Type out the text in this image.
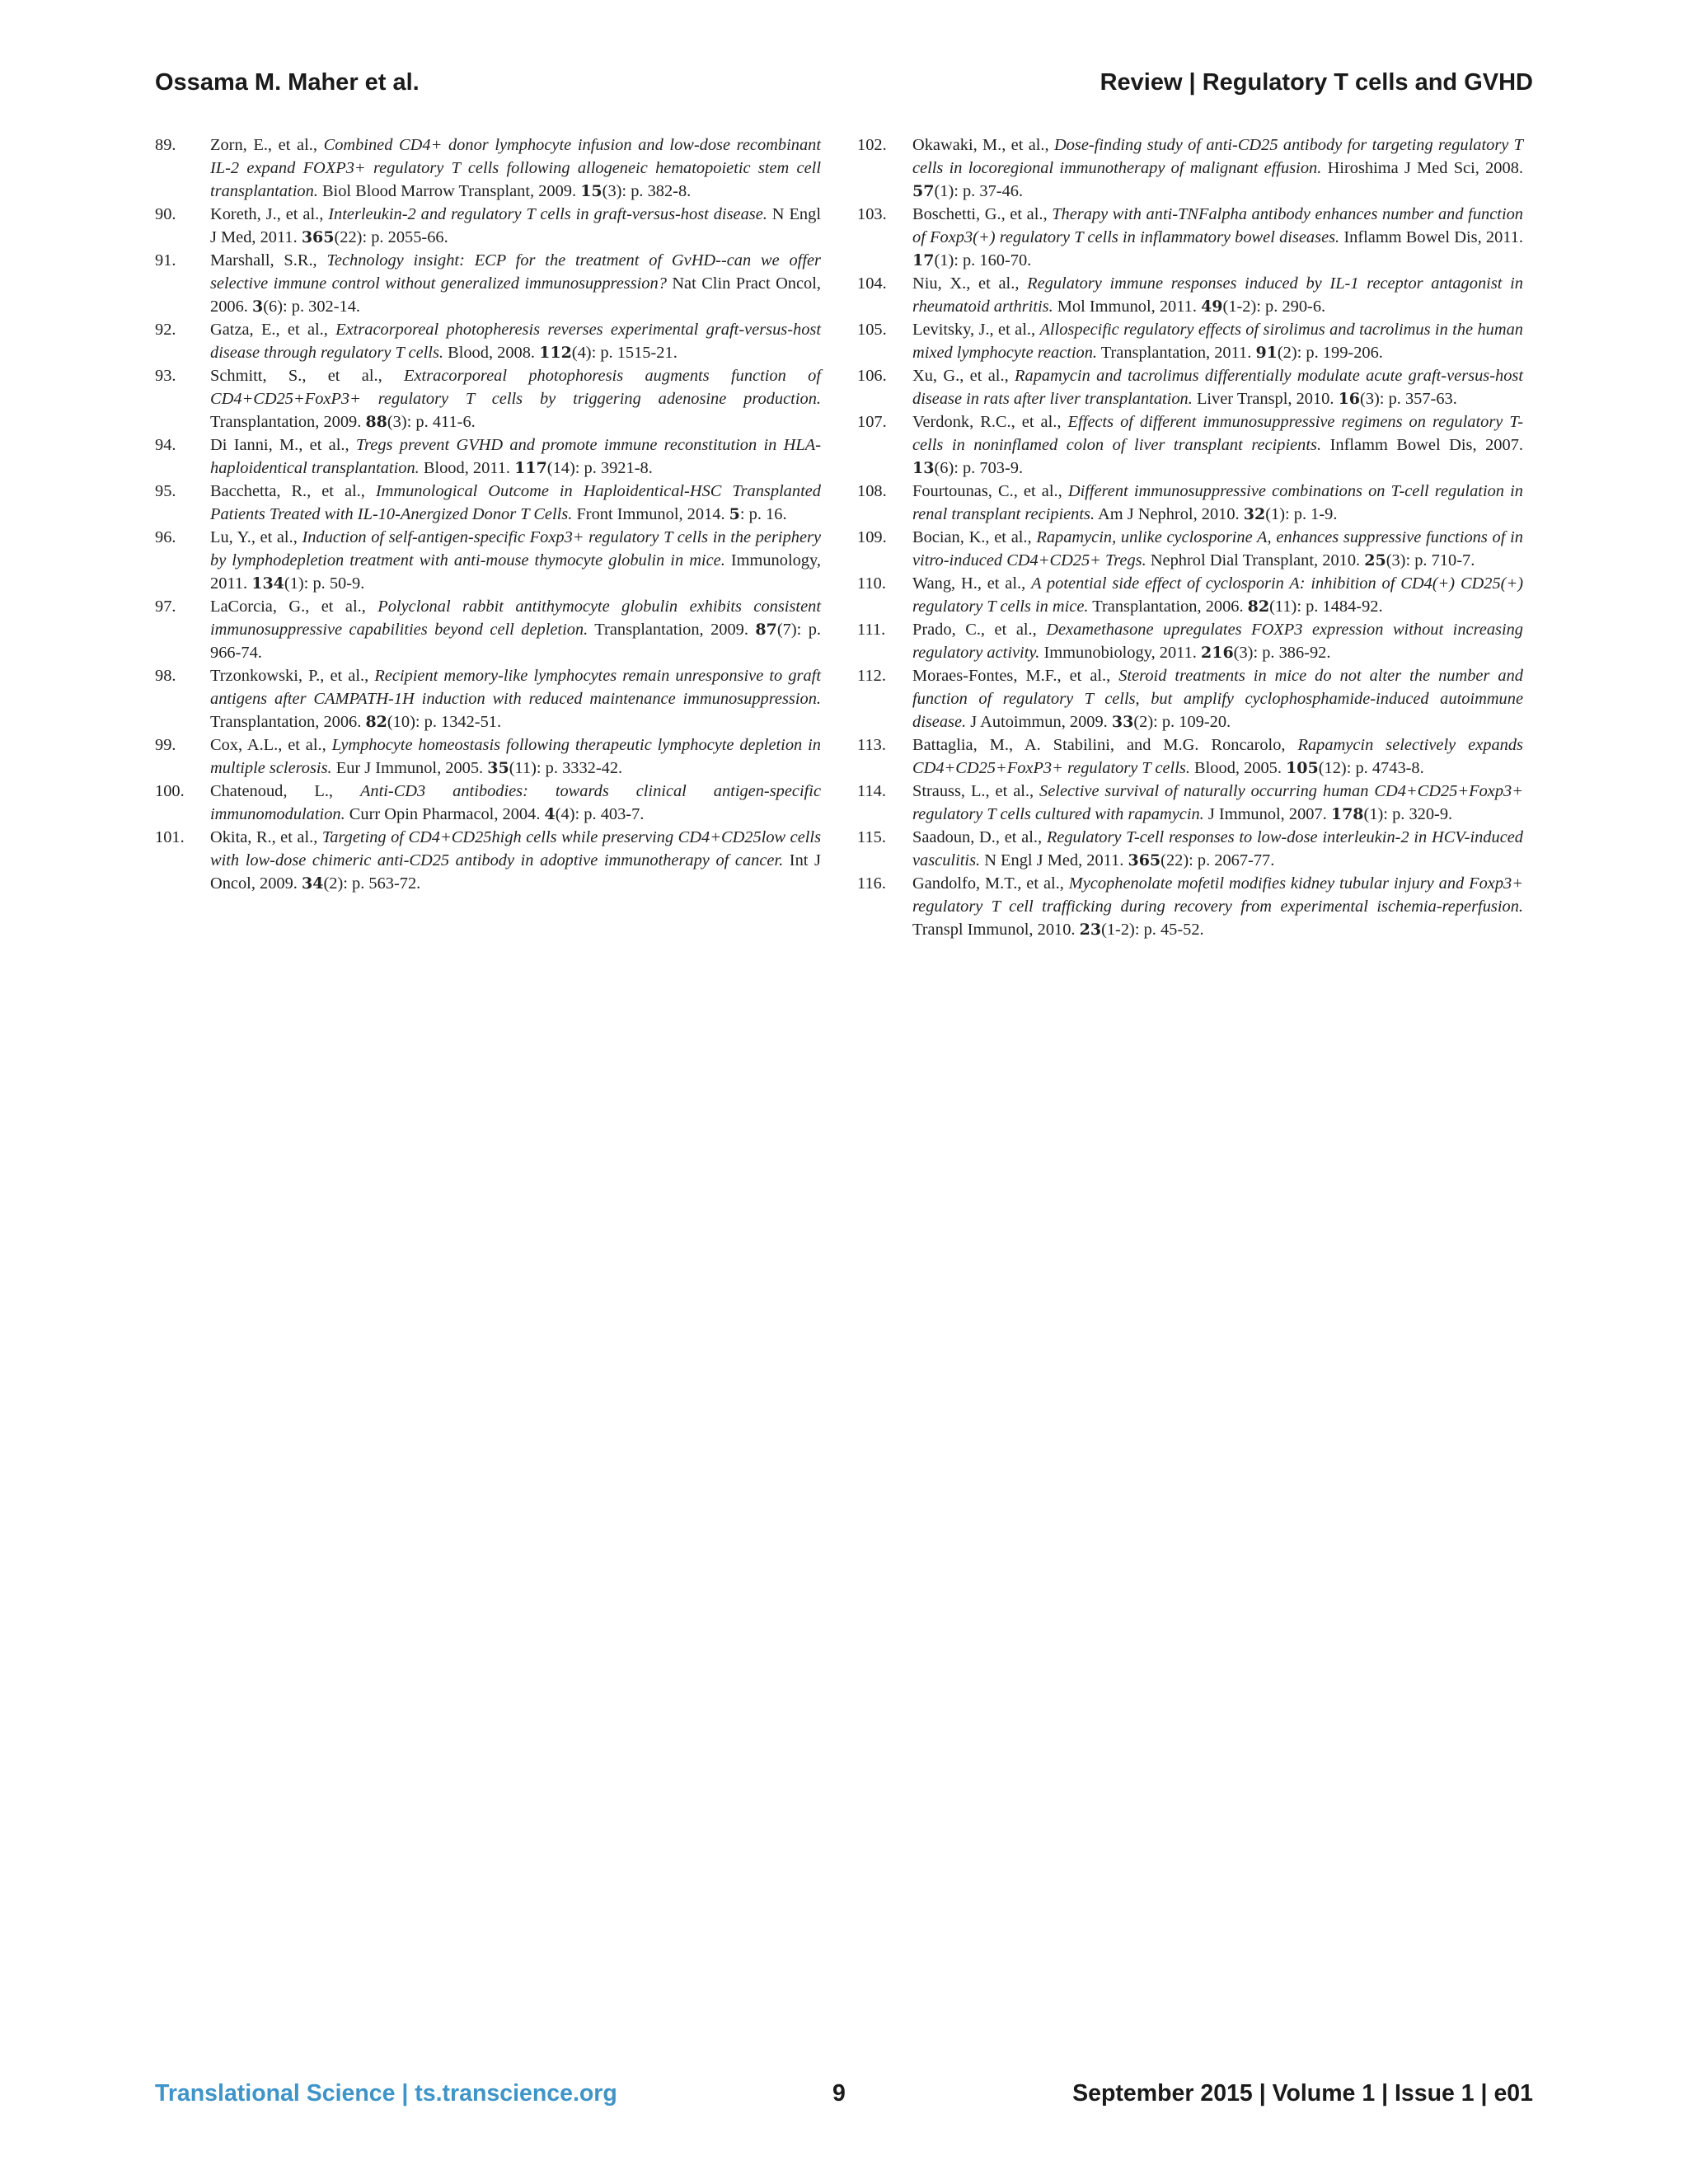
Ossama M. Maher et al.	Review | Regulatory T cells and GVHD
89. Zorn, E., et al., Combined CD4+ donor lymphocyte infusion and low-dose recombinant IL-2 expand FOXP3+ regulatory T cells following allogeneic hematopoietic stem cell transplantation. Biol Blood Marrow Transplant, 2009. 15(3): p. 382-8.
90. Koreth, J., et al., Interleukin-2 and regulatory T cells in graft-versus-host disease. N Engl J Med, 2011. 365(22): p. 2055-66.
91. Marshall, S.R., Technology insight: ECP for the treatment of GvHD--can we offer selective immune control without generalized immunosuppression? Nat Clin Pract Oncol, 2006. 3(6): p. 302-14.
92. Gatza, E., et al., Extracorporeal photopheresis reverses experimental graft-versus-host disease through regulatory T cells. Blood, 2008. 112(4): p. 1515-21.
93. Schmitt, S., et al., Extracorporeal photophoresis augments function of CD4+CD25+FoxP3+ regulatory T cells by triggering adenosine production. Transplantation, 2009. 88(3): p. 411-6.
94. Di Ianni, M., et al., Tregs prevent GVHD and promote immune reconstitution in HLA-haploidentical transplantation. Blood, 2011. 117(14): p. 3921-8.
95. Bacchetta, R., et al., Immunological Outcome in Haploidentical-HSC Transplanted Patients Treated with IL-10-Anergized Donor T Cells. Front Immunol, 2014. 5: p. 16.
96. Lu, Y., et al., Induction of self-antigen-specific Foxp3+ regulatory T cells in the periphery by lymphodepletion treatment with anti-mouse thymocyte globulin in mice. Immunology, 2011. 134(1): p. 50-9.
97. LaCorcia, G., et al., Polyclonal rabbit antithymocyte globulin exhibits consistent immunosuppressive capabilities beyond cell depletion. Transplantation, 2009. 87(7): p. 966-74.
98. Trzonkowski, P., et al., Recipient memory-like lymphocytes remain unresponsive to graft antigens after CAMPATH-1H induction with reduced maintenance immunosuppression. Transplantation, 2006. 82(10): p. 1342-51.
99. Cox, A.L., et al., Lymphocyte homeostasis following therapeutic lymphocyte depletion in multiple sclerosis. Eur J Immunol, 2005. 35(11): p. 3332-42.
100. Chatenoud, L., Anti-CD3 antibodies: towards clinical antigen-specific immunomodulation. Curr Opin Pharmacol, 2004. 4(4): p. 403-7.
101. Okita, R., et al., Targeting of CD4+CD25high cells while preserving CD4+CD25low cells with low-dose chimeric anti-CD25 antibody in adoptive immunotherapy of cancer. Int J Oncol, 2009. 34(2): p. 563-72.
102. Okawaki, M., et al., Dose-finding study of anti-CD25 antibody for targeting regulatory T cells in locoregional immunotherapy of malignant effusion. Hiroshima J Med Sci, 2008. 57(1): p. 37-46.
103. Boschetti, G., et al., Therapy with anti-TNFalpha antibody enhances number and function of Foxp3(+) regulatory T cells in inflammatory bowel diseases. Inflamm Bowel Dis, 2011. 17(1): p. 160-70.
104. Niu, X., et al., Regulatory immune responses induced by IL-1 receptor antagonist in rheumatoid arthritis. Mol Immunol, 2011. 49(1-2): p. 290-6.
105. Levitsky, J., et al., Allospecific regulatory effects of sirolimus and tacrolimus in the human mixed lymphocyte reaction. Transplantation, 2011. 91(2): p. 199-206.
106. Xu, G., et al., Rapamycin and tacrolimus differentially modulate acute graft-versus-host disease in rats after liver transplantation. Liver Transpl, 2010. 16(3): p. 357-63.
107. Verdonk, R.C., et al., Effects of different immunosuppressive regimens on regulatory T-cells in noninflamed colon of liver transplant recipients. Inflamm Bowel Dis, 2007. 13(6): p. 703-9.
108. Fourtounas, C., et al., Different immunosuppressive combinations on T-cell regulation in renal transplant recipients. Am J Nephrol, 2010. 32(1): p. 1-9.
109. Bocian, K., et al., Rapamycin, unlike cyclosporine A, enhances suppressive functions of in vitro-induced CD4+CD25+ Tregs. Nephrol Dial Transplant, 2010. 25(3): p. 710-7.
110. Wang, H., et al., A potential side effect of cyclosporin A: inhibition of CD4(+) CD25(+) regulatory T cells in mice. Transplantation, 2006. 82(11): p. 1484-92.
111. Prado, C., et al., Dexamethasone upregulates FOXP3 expression without increasing regulatory activity. Immunobiology, 2011. 216(3): p. 386-92.
112. Moraes-Fontes, M.F., et al., Steroid treatments in mice do not alter the number and function of regulatory T cells, but amplify cyclophosphamide-induced autoimmune disease. J Autoimmun, 2009. 33(2): p. 109-20.
113. Battaglia, M., A. Stabilini, and M.G. Roncarolo, Rapamycin selectively expands CD4+CD25+FoxP3+ regulatory T cells. Blood, 2005. 105(12): p. 4743-8.
114. Strauss, L., et al., Selective survival of naturally occurring human CD4+CD25+Foxp3+ regulatory T cells cultured with rapamycin. J Immunol, 2007. 178(1): p. 320-9.
115. Saadoun, D., et al., Regulatory T-cell responses to low-dose interleukin-2 in HCV-induced vasculitis. N Engl J Med, 2011. 365(22): p. 2067-77.
116. Gandolfo, M.T., et al., Mycophenolate mofetil modifies kidney tubular injury and Foxp3+ regulatory T cell trafficking during recovery from experimental ischemia-reperfusion. Transpl Immunol, 2010. 23(1-2): p. 45-52.
Translational Science | ts.transcience.org	9	September 2015 | Volume 1 | Issue 1 | e01
